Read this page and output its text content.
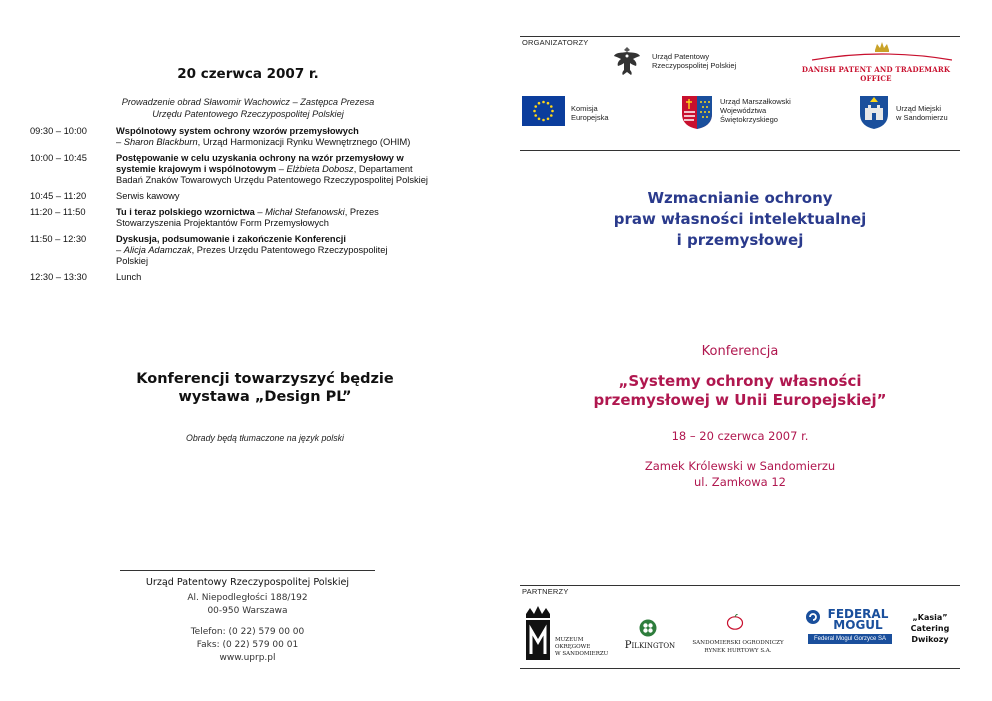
20 czerwca 2007 r.
Prowadzenie obrad Sławomir Wachowicz – Zastępca Prezesa
Urzędu Patentowego Rzeczypospolitej Polskiej
09:30 – 10:00	Wspólnotowy system ochrony wzorów przemysłowych
– Sharon Blackburn, Urząd Harmonizacji Rynku Wewnętrznego (OHIM)
10:00 – 10:45	Postępowanie w celu uzyskania ochrony na wzór przemysłowy w systemie krajowym i wspólnotowym – Elżbieta Dobosz, Departament Badań Znaków Towarowych Urzędu Patentowego Rzeczypospolitej Polskiej
10:45 – 11:20	Serwis kawowy
11:20 – 11:50	Tu i teraz polskiego wzornictwa – Michał Stefanowski, Prezes Stowarzyszenia Projektantów Form Przemysłowych
11:50 – 12:30	Dyskusja, podsumowanie i zakończenie Konferencji
– Alicja Adamczak, Prezes Urzędu Patentowego Rzeczypospolitej Polskiej
12:30 – 13:30	Lunch
Konferencji towarzyszyć będzie
wystawa „Design PL”
Obrady będą tłumaczone na język polski
Urząd Patentowy Rzeczypospolitej Polskiej
Al. Niepodległości 188/192
00-950 Warszawa
Telefon: (0 22) 579 00 00
Faks: (0 22) 579 00 01
www.uprp.pl
ORGANIZATORZY
Urząd Patentowy
Rzeczypospolitej Polskiej	DANISH PATENT AND TRADEMARK OFFICE
Komisja
Europejska
Urząd Marszałkowski
Województwa
Świętokrzyskiego
Urząd Miejski
w Sandomierzu
Wzmacnianie ochrony
praw własności intelektualnej
i przemysłowej
Konferencja
„Systemy ochrony własności
przemysłowej w Unii Europejskiej”
18 – 20 czerwca 2007 r.
Zamek Królewski w Sandomierzu
ul. Zamkowa 12
PARTNERZY
MUZEUM
OKRĘGOWE
W SANDOMIERZU
Pilkington	SANDOMIERSKI OGRODNICZY
RYNEK HURTOWY S.A.
FEDERAL
MOGUL
Federal Mogul Gorzyce SA
„Kasia”
Catering
Dwikozy
